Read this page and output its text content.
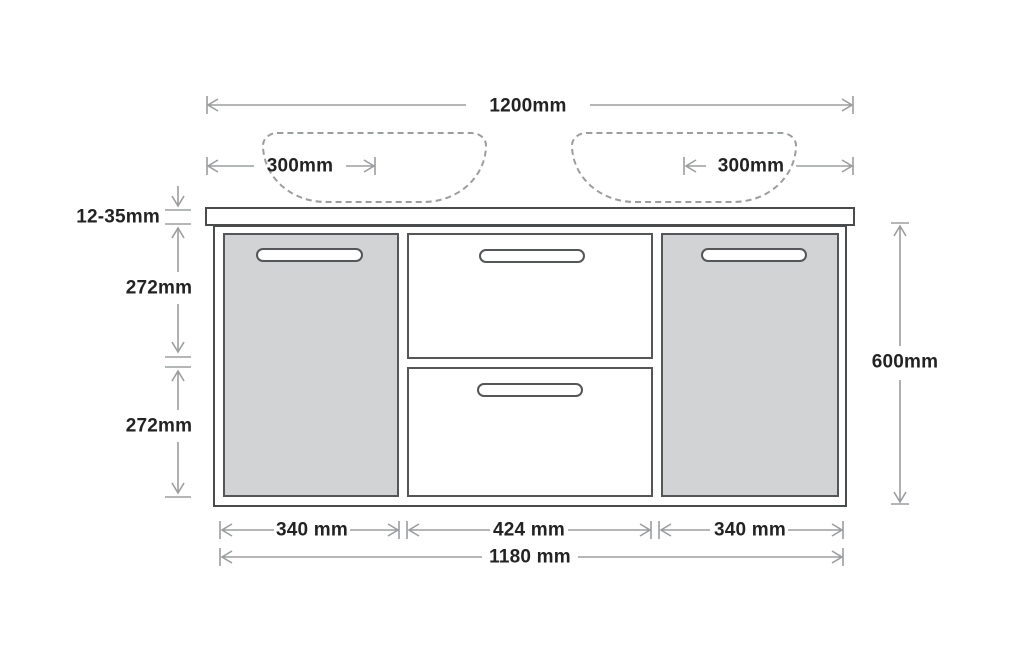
1200mm
300mm	300mm
12-35mm
272mm
272mm
600mm
340 mm	424 mm	340 mm
1180 mm
